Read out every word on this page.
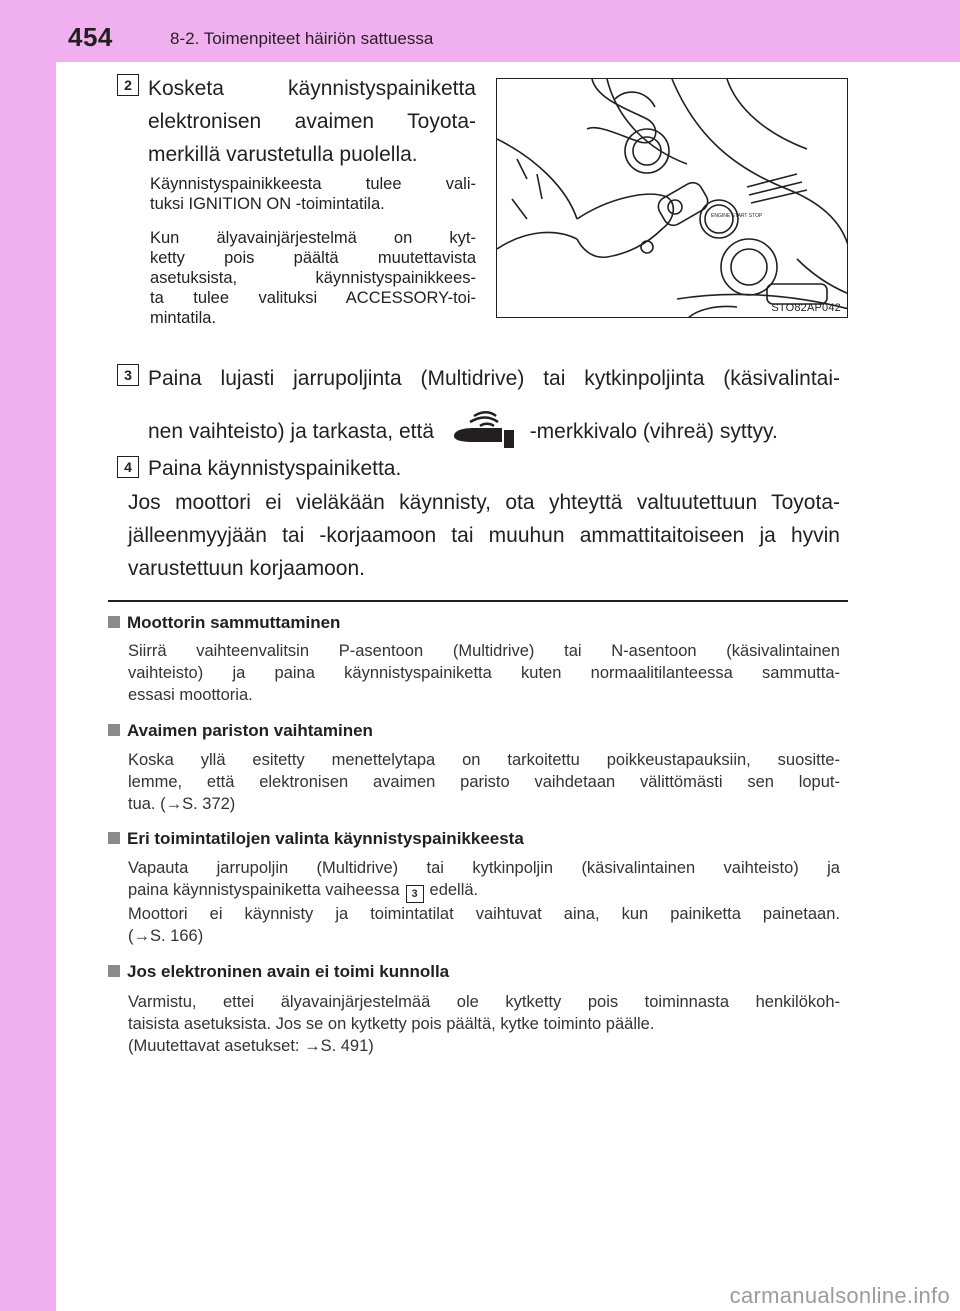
454	8-2. Toimenpiteet häiriön sattuessa
2 Kosketa käynnistyspainiketta
elektronisen avaimen Toyota-
merkillä varustetulla puolella.
Käynnistyspainikkeesta tulee vali-
tuksi IGNITION ON -toimintatila.
Kun älyavainjärjestelmä on kyt-
ketty pois päältä muutettavista
asetuksista, käynnistyspainikkees-
ta tulee valituksi ACCESSORY-toi-
mintatila.
ENGINE START STOP
STO82AP042
3 Paina lujasti jarrupoljinta (Multidrive) tai kytkinpoljinta (käsivalintai-
nen vaihteisto) ja tarkasta, että	-merkkivalo (vihreä) syttyy.
4 Paina käynnistyspainiketta.
Jos moottori ei vieläkään käynnisty, ota yhteyttä valtuutettuun Toyota-
jälleenmyyjään tai -korjaamoon tai muuhun ammattitaitoiseen ja hyvin
varustettuun korjaamoon.
Moottorin sammuttaminen
Siirrä vaihteenvalitsin P-asentoon (Multidrive) tai N-asentoon (käsivalintainen
vaihteisto) ja paina käynnistyspainiketta kuten normaalitilanteessa sammutta-
essasi moottoria.
Avaimen pariston vaihtaminen
Koska yllä esitetty menettelytapa on tarkoitettu poikkeustapauksiin, suositte-
lemme, että elektronisen avaimen paristo vaihdetaan välittömästi sen loput-
tua. (→S. 372)
Eri toimintatilojen valinta käynnistyspainikkeesta
Vapauta jarrupoljin (Multidrive) tai kytkinpoljin (käsivalintainen vaihteisto) ja
paina käynnistyspainiketta vaiheessa 3 edellä.
Moottori ei käynnisty ja toimintatilat vaihtuvat aina, kun painiketta painetaan.
(→S. 166)
Jos elektroninen avain ei toimi kunnolla
Varmistu, ettei älyavainjärjestelmää ole kytketty pois toiminnasta henkilökoh-
taisista asetuksista. Jos se on kytketty pois päältä, kytke toiminto päälle.
(Muutettavat asetukset: →S. 491)
carmanualsonline.info
